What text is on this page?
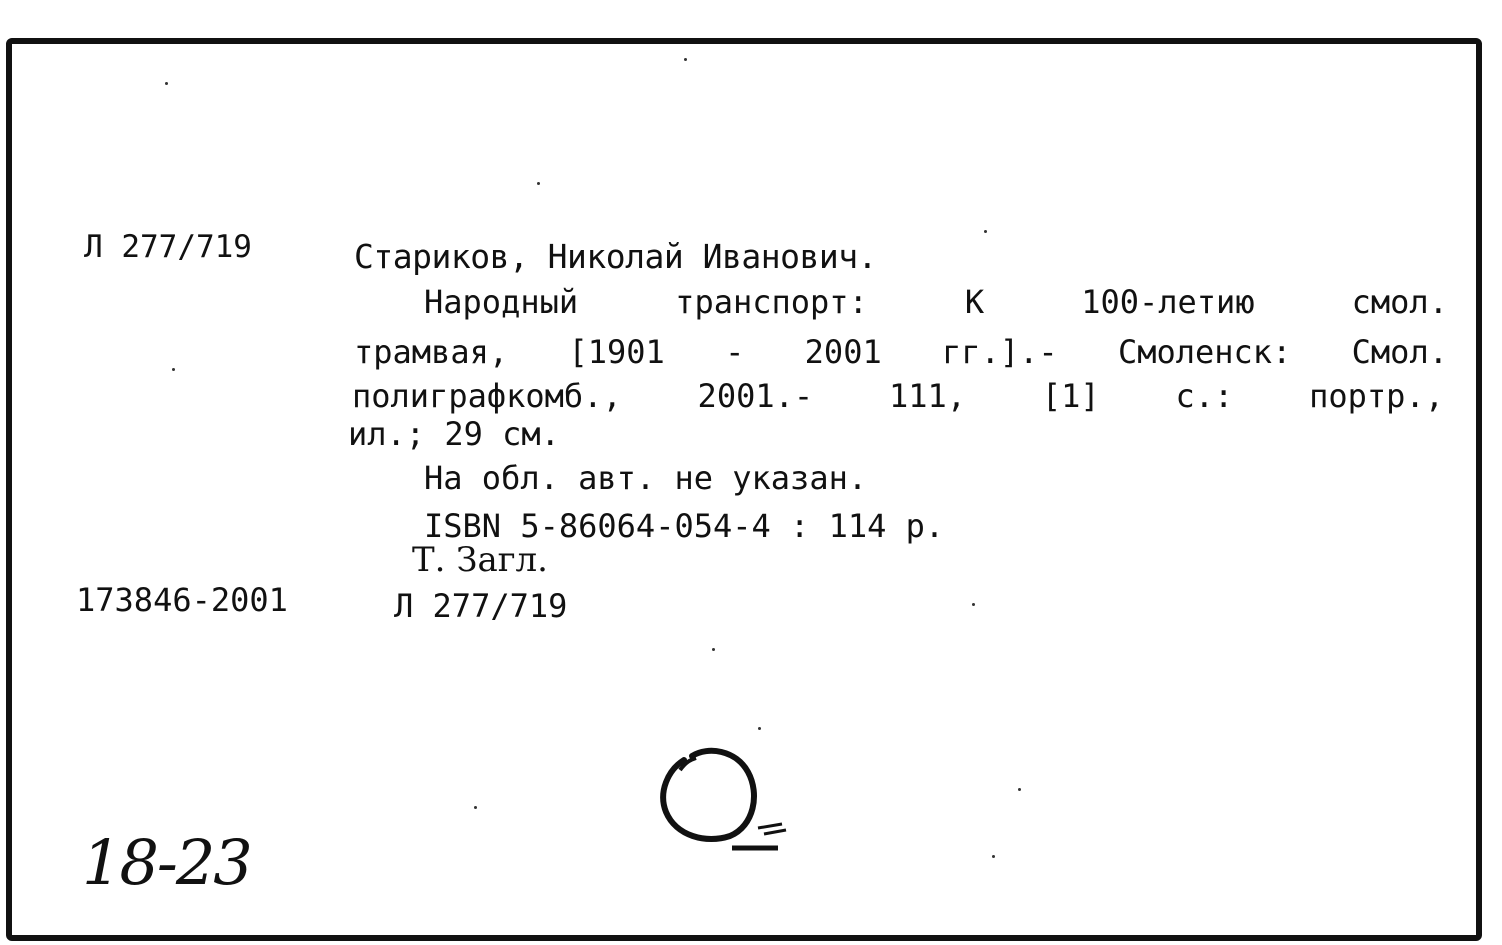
Л 277/719	Стариков, Николай Иванович.
Народный	транспорт:	К	100-летию	смол.
трамвая, [1901 - 2001 гг.].- Смоленск: Смол.
полиграфкомб., 2001.- 111, [1] с.: портр.,
ил.; 29 см.
На обл. авт. не указан.
ISBN 5-86064-054-4 : 114 р.
Т. Загл.
173846-2001	Л 277/719
18-23
